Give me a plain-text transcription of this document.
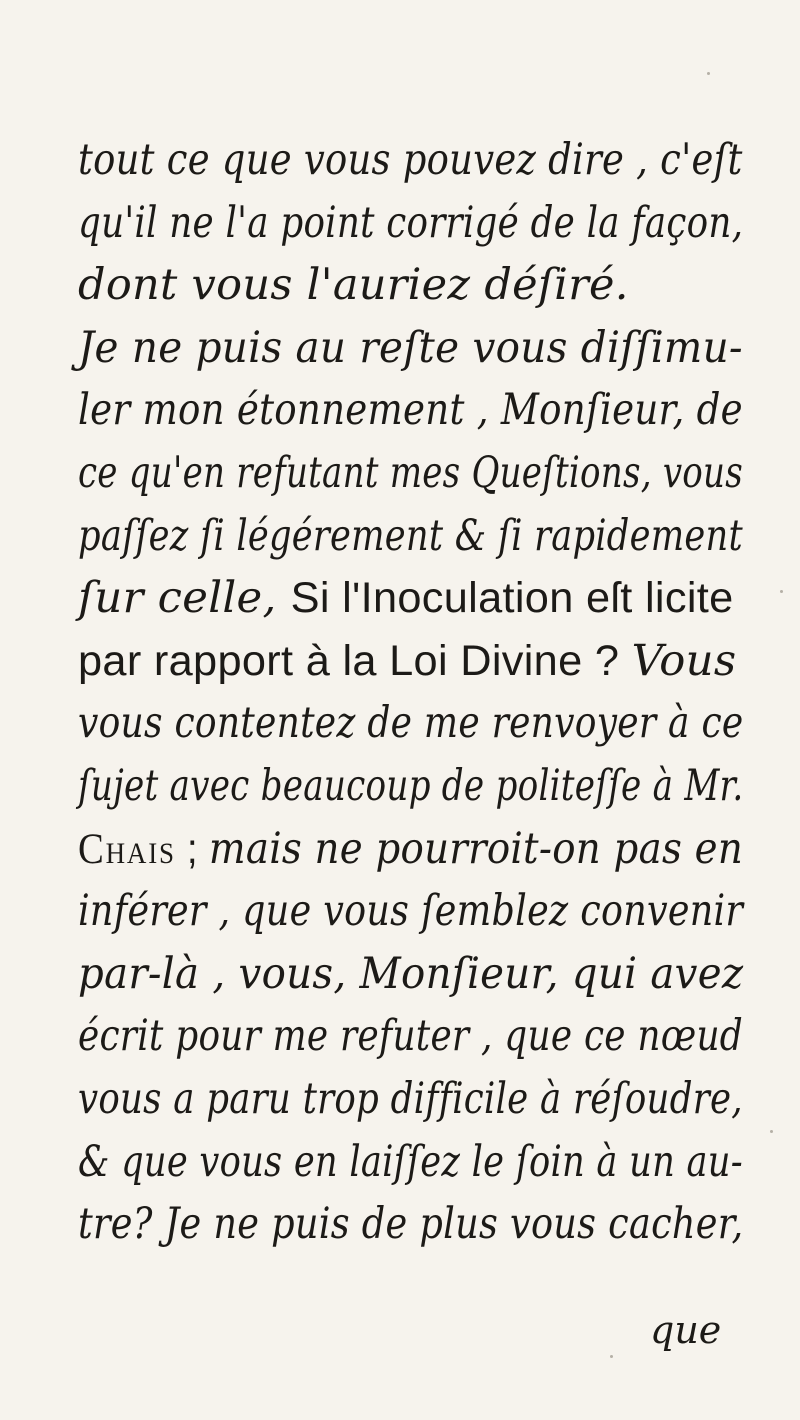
tout ce que vous pouvez dire , c'eſt
qu'il ne l'a point corrigé de la façon,
dont vous l'auriez déſiré.
Je ne puis au reſte vous diſſimu-
ler mon étonnement , Monſieur, de
ce qu'en refutant mes Queſtions, vous
paſſez ſi légérement & ſi rapidement
ſur celle, Si l'Inoculation eſt licite
par rapport à la Loi Divine ? Vous
vous contentez de me renvoyer à ce
ſujet avec beaucoup de politeſſe à Mr.
Chais ; mais ne pourroit-on pas en
inférer , que vous ſemblez convenir
par-là , vous, Monſieur, qui avez
écrit pour me refuter , que ce nœud
vous a paru trop difficile à réſoudre,
& que vous en laiſſez le ſoin à un au-
tre? Je ne puis de plus vous cacher,
que
